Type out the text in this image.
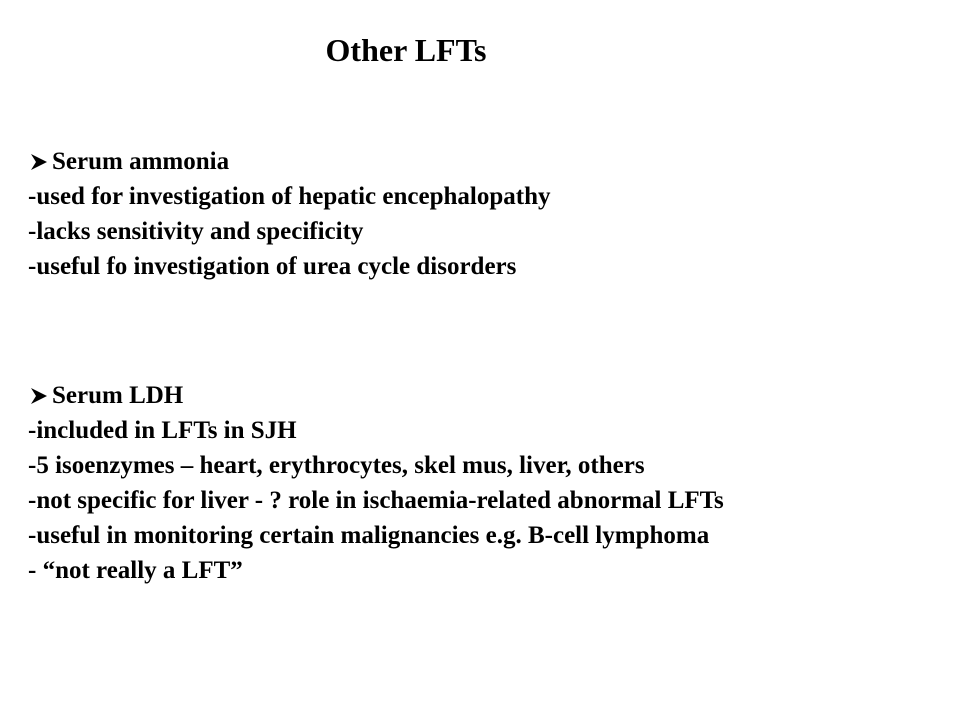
Other LFTs
Serum ammonia
-used for investigation of hepatic encephalopathy
-lacks sensitivity and specificity
-useful fo investigation of urea cycle disorders
Serum LDH
-included in LFTs in SJH
-5 isoenzymes – heart, erythrocytes, skel mus, liver, others
-not specific for liver - ? role in ischaemia-related abnormal LFTs
-useful in monitoring certain malignancies e.g. B-cell lymphoma
- “not really a LFT”
